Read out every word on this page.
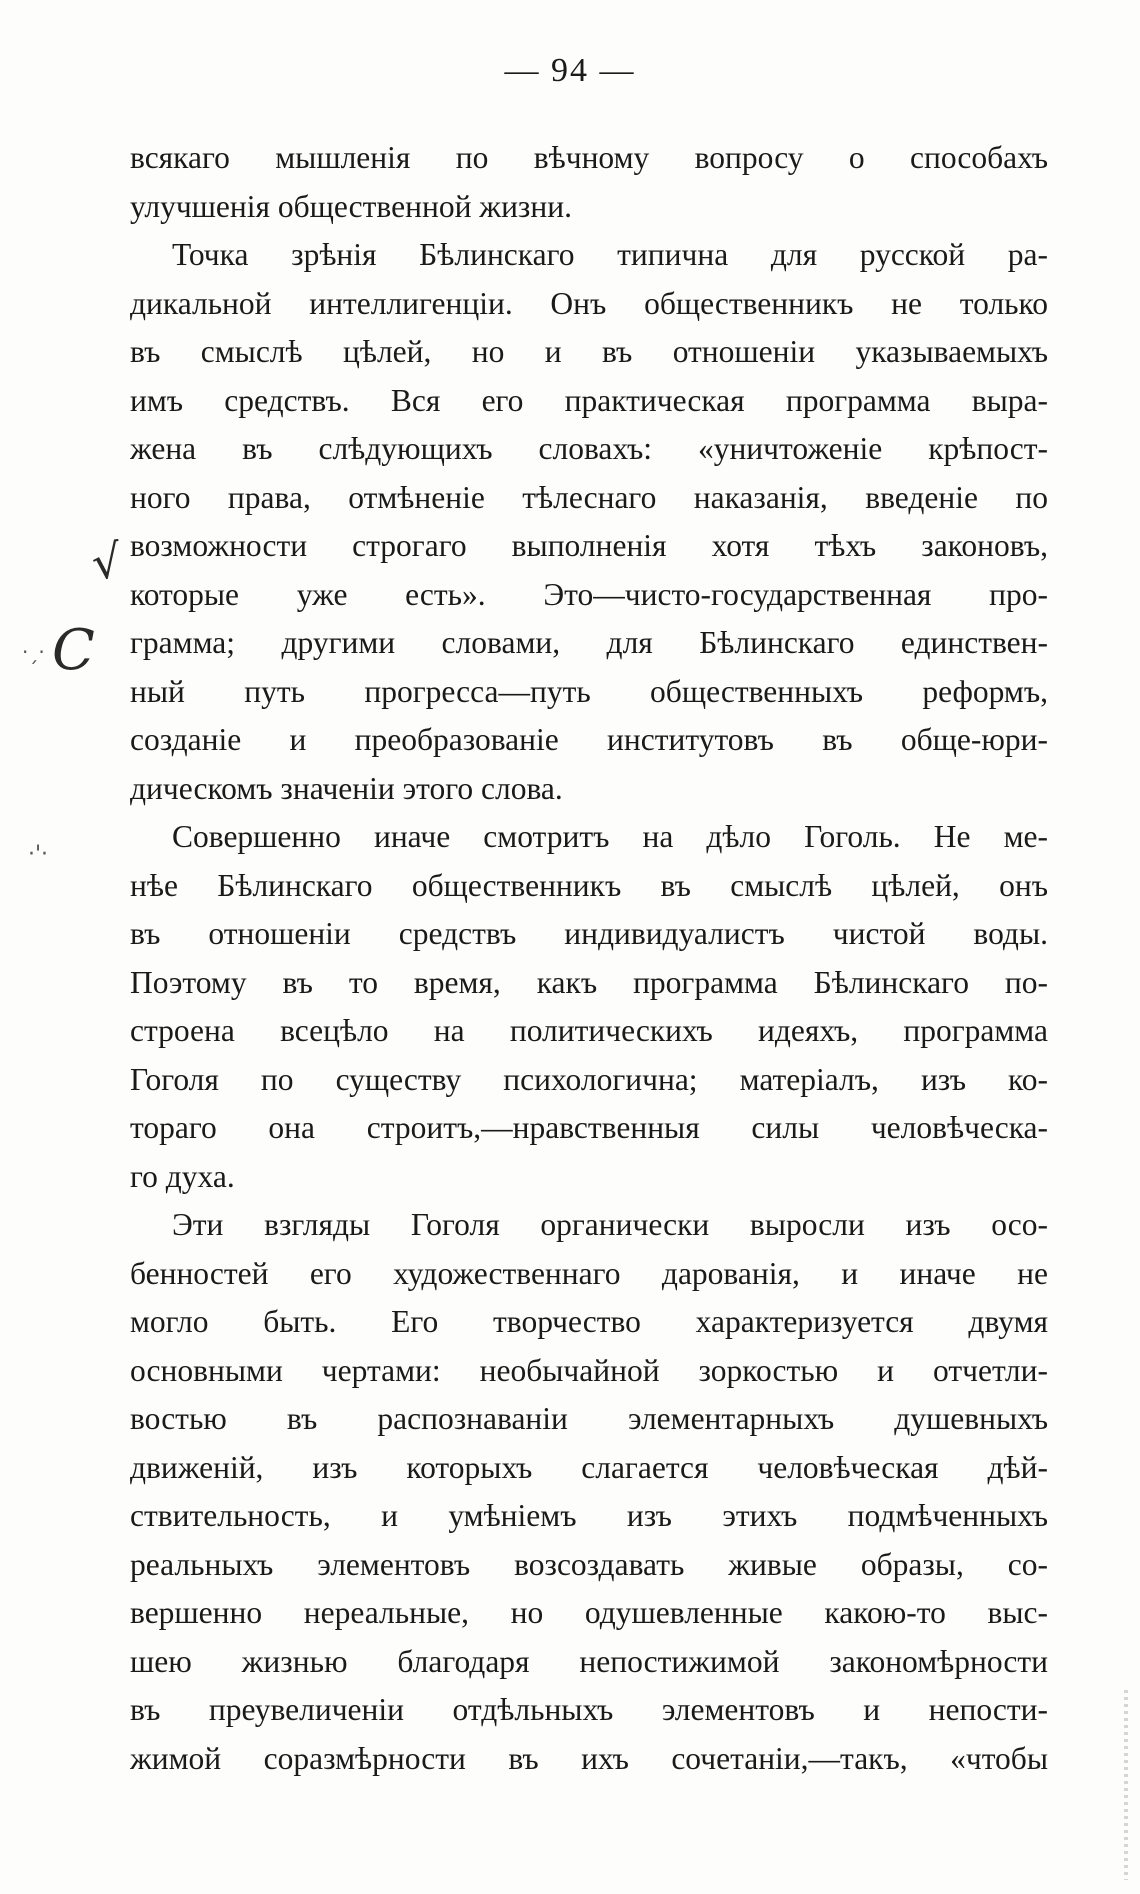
— 94 —
всякаго мышленія по вѣчному вопросу о способахъ
улучшенія общественной жизни.
Точка зрѣнія Бѣлинскаго типична для русской ра-
дикальной интеллигенціи. Онъ общественникъ не только
въ смыслѣ цѣлей, но и въ отношеніи указываемыхъ
имъ средствъ. Вся его практическая программа выра-
жена въ слѣдующихъ словахъ: «уничтоженіе крѣпост-
ного права, отмѣненіе тѣлеснаго наказанія, введеніе по
возможности строгаго выполненія хотя тѣхъ законовъ,
которые уже есть». Это—чисто-государственная про-
грамма; другими словами, для Бѣлинскаго единствен-
ный путь прогресса—путь общественныхъ реформъ,
созданіе и преобразованіе институтовъ въ обще-юри-
дическомъ значеніи этого слова.
Совершенно иначе смотритъ на дѣло Гоголь. Не ме-
нѣе Бѣлинскаго общественникъ въ смыслѣ цѣлей, онъ
въ отношеніи средствъ индивидуалистъ чистой воды.
Поэтому въ то время, какъ программа Бѣлинскаго по-
строена всецѣло на политическихъ идеяхъ, программа
Гоголя по существу психологична; матеріалъ, изъ ко-
тораго она строитъ,—нравственныя силы человѣческа-
го духа.
Эти взгляды Гоголя органически выросли изъ осо-
бенностей его художественнаго дарованія, и иначе не
могло быть. Его творчество характеризуется двумя
основными чертами: необычайной зоркостью и отчетли-
востью въ распознаваніи элементарныхъ душевныхъ
движеній, изъ которыхъ слагается человѣческая дѣй-
ствительность, и умѣніемъ изъ этихъ подмѣченныхъ
реальныхъ элементовъ возсоздавать живые образы, со-
вершенно нереальные, но одушевленные какою-то выс-
шею жизнью благодаря непостижимой закономѣрности
въ преувеличеніи отдѣльныхъ элементовъ и непости-
жимой соразмѣрности въ ихъ сочетаніи,—такъ, «чтобы
√
C
·ˏ·
·ꞌ·
